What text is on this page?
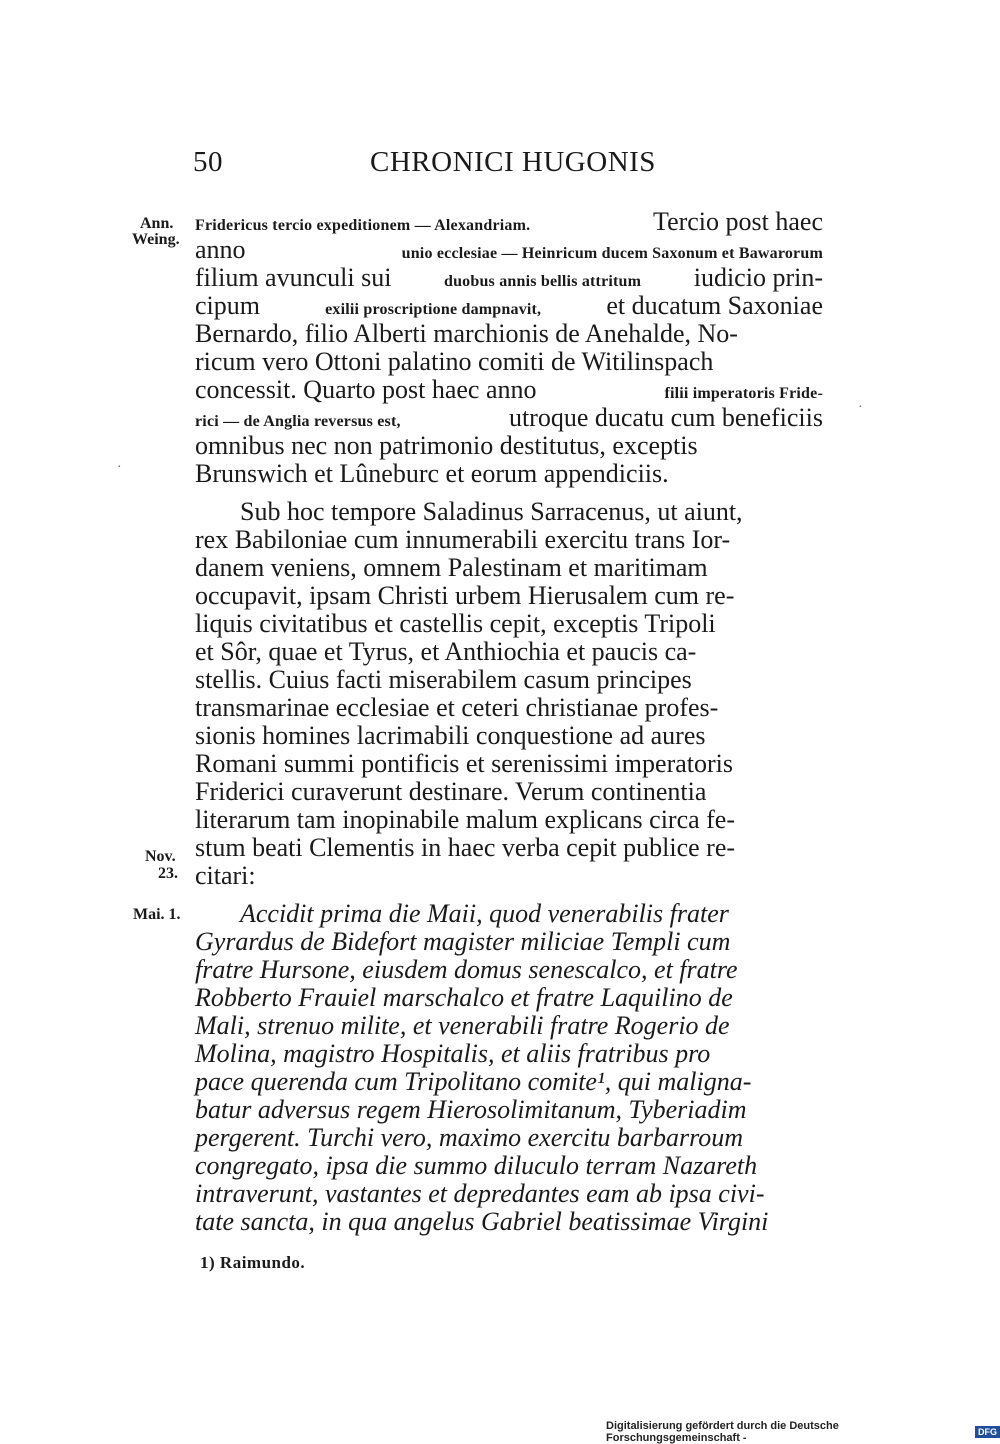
50	CHRONICI HUGONIS
Ann.
Weing.
Nov.
23.
Mai. 1.
Fridericus tercio expeditionem — Alexandriam.	Tercio post haec
anno	unio ecclesiae — Heinricum ducem Saxonum et Bawarorum
filium avunculi sui	duobus annis bellis attritum iudicio prin-
cipum	exilii proscriptione dampnavit,	et ducatum Saxoniae
Bernardo, filio Alberti marchionis de Anehalde, No-
ricum vero Ottoni palatino comiti de Witilinspach
concessit. Quarto post haec anno	filii imperatoris Fride-
rici — de Anglia reversus est,	utroque ducatu cum beneficiis
omnibus nec non patrimonio destitutus, exceptis
Brunswich et Lûneburc et eorum appendiciis.
Sub hoc tempore Saladinus Sarracenus, ut aiunt,
rex Babiloniae cum innumerabili exercitu trans Ior-
danem veniens, omnem Palestinam et maritimam
occupavit, ipsam Christi urbem Hierusalem cum re-
liquis civitatibus et castellis cepit, exceptis Tripoli
et Sôr, quae et Tyrus, et Anthiochia et paucis ca-
stellis. Cuius facti miserabilem casum principes
transmarinae ecclesiae et ceteri christianae profes-
sionis homines lacrimabili conquestione ad aures
Romani summi pontificis et serenissimi imperatoris
Friderici curaverunt destinare. Verum continentia
literarum tam inopinabile malum explicans circa fe-
stum beati Clementis in haec verba cepit publice re-
citari:
Accidit prima die Maii, quod venerabilis frater
Gyrardus de Bidefort magister miliciae Templi cum
fratre Hursone, eiusdem domus senescalco, et fratre
Robberto Frauiel marschalco et fratre Laquilino de
Mali, strenuo milite, et venerabili fratre Rogerio de
Molina, magistro Hospitalis, et aliis fratribus pro
pace querenda cum Tripolitano comite¹, qui maligna-
batur adversus regem Hierosolimitanum, Tyberiadim
pergerent. Turchi vero, maximo exercitu barbarroum
congregato, ipsa die summo diluculo terram Nazareth
intraverunt, vastantes et depredantes eam ab ipsa civi-
tate sancta, in qua angelus Gabriel beatissimae Virgini
1) Raimundo.
·
·
Digitalisierung gefördert durch die Deutsche Forschungsgemeinschaft -	DFG
